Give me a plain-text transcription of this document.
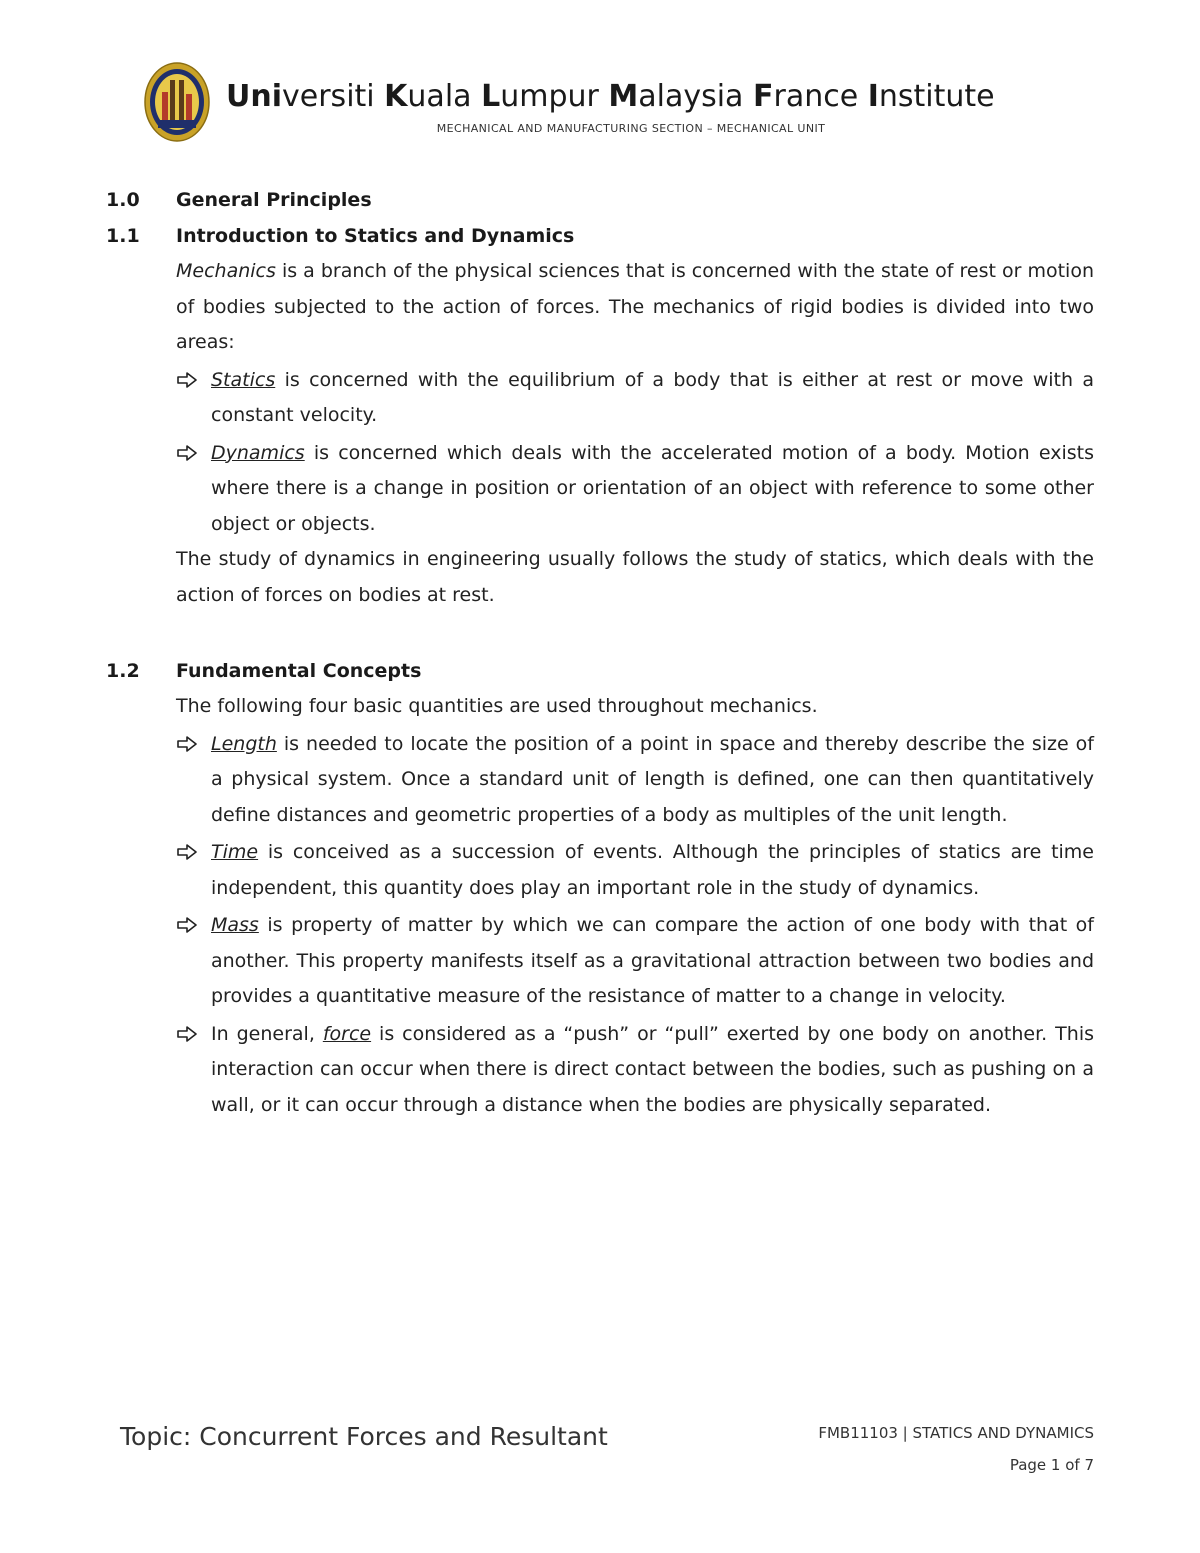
Universiti Kuala Lumpur Malaysia France Institute
MECHANICAL AND MANUFACTURING SECTION – MECHANICAL UNIT
1.0	General Principles
1.1	Introduction to Statics and Dynamics
Mechanics is a branch of the physical sciences that is concerned with the state of rest or motion of bodies subjected to the action of forces. The mechanics of rigid bodies is divided into two areas:
Statics is concerned with the equilibrium of a body that is either at rest or move with a constant velocity.
Dynamics is concerned which deals with the accelerated motion of a body. Motion exists where there is a change in position or orientation of an object with reference to some other object or objects.
The study of dynamics in engineering usually follows the study of statics, which deals with the action of forces on bodies at rest.
1.2	Fundamental Concepts
The following four basic quantities are used throughout mechanics.
Length is needed to locate the position of a point in space and thereby describe the size of a physical system. Once a standard unit of length is defined, one can then quantitatively define distances and geometric properties of a body as multiples of the unit length.
Time is conceived as a succession of events. Although the principles of statics are time independent, this quantity does play an important role in the study of dynamics.
Mass is property of matter by which we can compare the action of one body with that of another. This property manifests itself as a gravitational attraction between two bodies and provides a quantitative measure of the resistance of matter to a change in velocity.
In general, force is considered as a “push” or “pull” exerted by one body on another. This interaction can occur when there is direct contact between the bodies, such as pushing on a wall, or it can occur through a distance when the bodies are physically separated.
Topic: Concurrent Forces and Resultant	FMB11103 | STATICS AND DYNAMICS
Page 1 of 7
